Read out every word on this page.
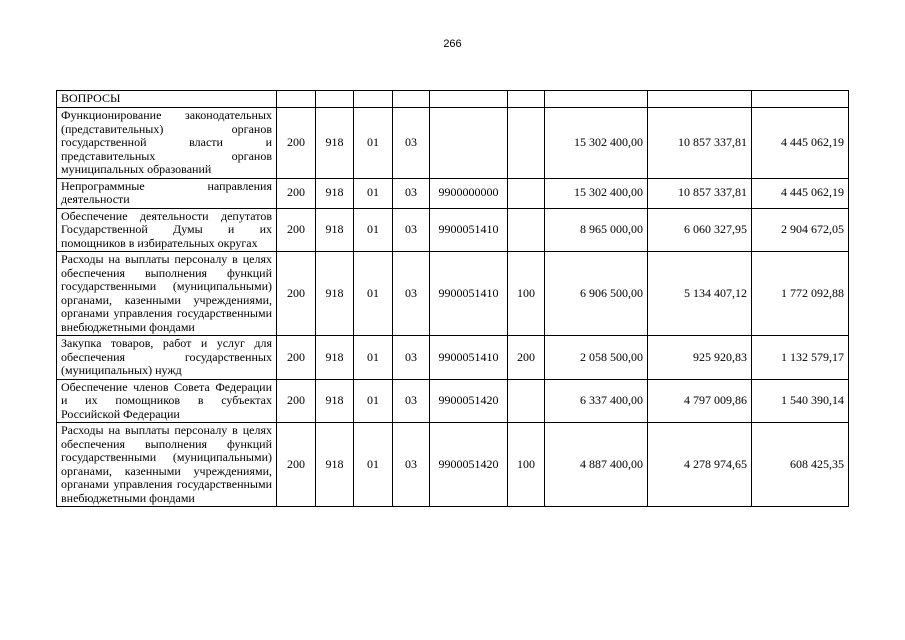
266
ВОПРОСЫ									
Функционирование законодательных (представительных) органов государственной власти и представительных органов муниципальных образований	200	918	01	03			15 302 400,00	10 857 337,81	4 445 062,19
Непрограммные направления деятельности	200	918	01	03	9900000000		15 302 400,00	10 857 337,81	4 445 062,19
Обеспечение деятельности депутатов Государственной Думы и их помощников в избирательных округах	200	918	01	03	9900051410		8 965 000,00	6 060 327,95	2 904 672,05
Расходы на выплаты персоналу в целях обеспечения выполнения функций государственными (муниципальными) органами, казенными учреждениями, органами управления государственными внебюджетными фондами	200	918	01	03	9900051410	100	6 906 500,00	5 134 407,12	1 772 092,88
Закупка товаров, работ и услуг для обеспечения государственных (муниципальных) нужд	200	918	01	03	9900051410	200	2 058 500,00	925 920,83	1 132 579,17
Обеспечение членов Совета Федерации и их помощников в субъектах Российской Федерации	200	918	01	03	9900051420		6 337 400,00	4 797 009,86	1 540 390,14
Расходы на выплаты персоналу в целях обеспечения выполнения функций государственными (муниципальными) органами, казенными учреждениями, органами управления государственными внебюджетными фондами	200	918	01	03	9900051420	100	4 887 400,00	4 278 974,65	608 425,35
